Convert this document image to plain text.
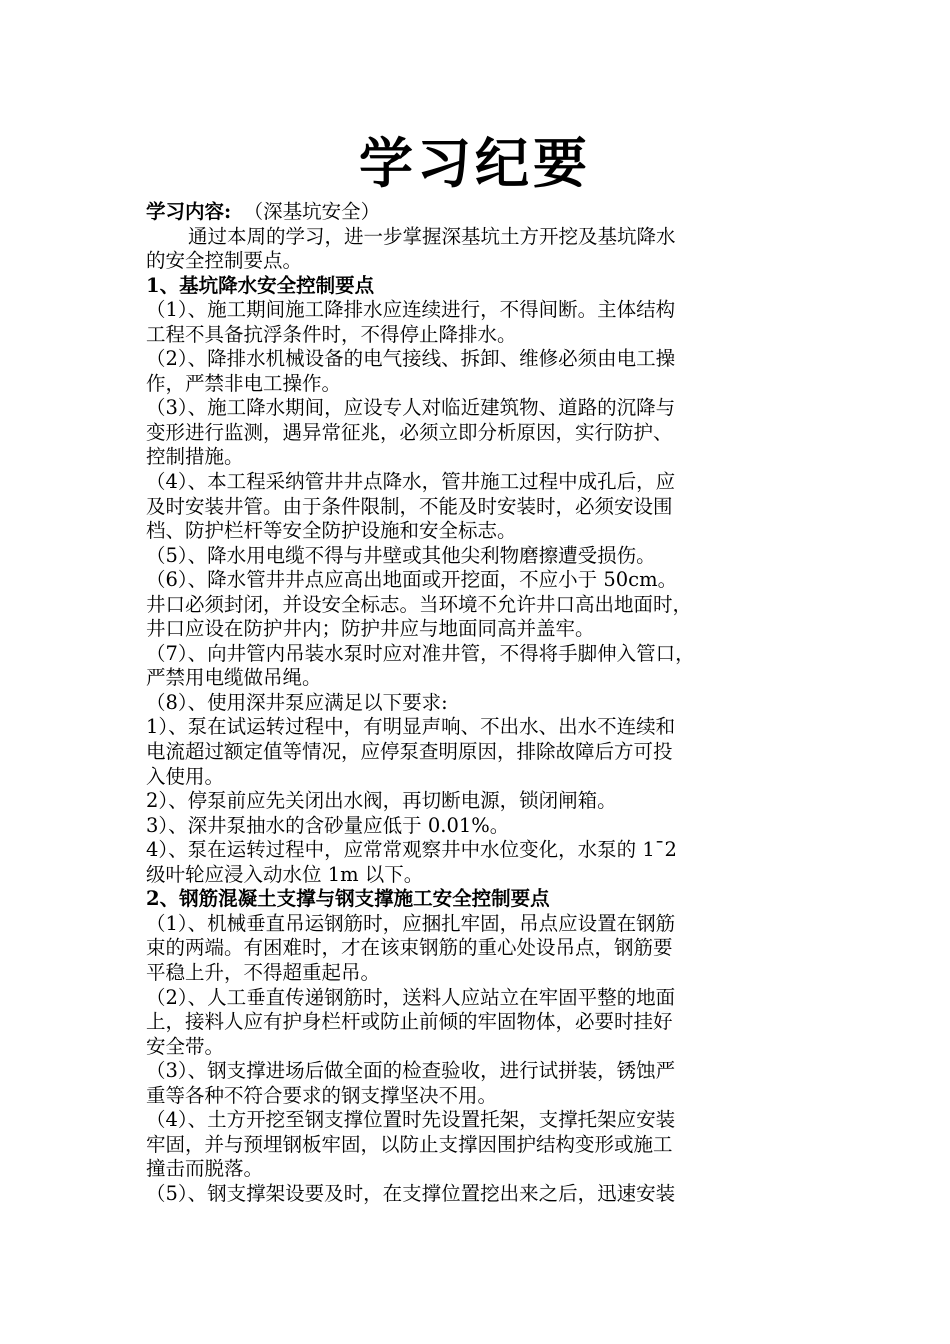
学习纪要
学习内容: （深基坑安全）
通过本周的学习，进一步掌握深基坑土方开挖及基坑降水
的安全控制要点。
1、基坑降水安全控制要点
（1）、施工期间施工降排水应连续进行，不得间断。主体结构
工程不具备抗浮条件时，不得停止降排水。
（2）、降排水机械设备的电气接线、拆卸、维修必须由电工操
作，严禁非电工操作。
（3）、施工降水期间，应设专人对临近建筑物、道路的沉降与
变形进行监测，遇异常征兆，必须立即分析原因，实行防护、
控制措施。
（4）、本工程采纳管井井点降水，管井施工过程中成孔后，应
及时安装井管。由于条件限制，不能及时安装时，必须安设围
档、防护栏杆等安全防护设施和安全标志。
（5）、降水用电缆不得与井壁或其他尖利物磨擦遭受损伤。
（6）、降水管井井点应高出地面或开挖面，不应小于 50cm。
井口必须封闭，并设安全标志。当环境不允许井口高出地面时，
井口应设在防护井内；防护井应与地面同高并盖牢。
（7）、向井管内吊装水泵时应对准井管，不得将手脚伸入管口，
严禁用电缆做吊绳。
（8）、使用深井泵应满足以下要求:
1）、泵在试运转过程中，有明显声响、不出水、出水不连续和
电流超过额定值等情况，应停泵查明原因，排除故障后方可投
入使用。
2）、停泵前应先关闭出水阀，再切断电源，锁闭闸箱。
3）、深井泵抽水的含砂量应低于 0.01%。
4）、泵在运转过程中，应常常观察井中水位变化，水泵的 1¯2
级叶轮应浸入动水位 1m 以下。
2、钢筋混凝土支撑与钢支撑施工安全控制要点
（1）、机械垂直吊运钢筋时，应捆扎牢固，吊点应设置在钢筋
束的两端。有困难时，才在该束钢筋的重心处设吊点，钢筋要
平稳上升，不得超重起吊。
（2）、人工垂直传递钢筋时，送料人应站立在牢固平整的地面
上，接料人应有护身栏杆或防止前倾的牢固物体，必要时挂好
安全带。
（3）、钢支撑进场后做全面的检查验收，进行试拼装，锈蚀严
重等各种不符合要求的钢支撑坚决不用。
（4）、土方开挖至钢支撑位置时先设置托架，支撑托架应安装
牢固，并与预埋钢板牢固，以防止支撑因围护结构变形或施工
撞击而脱落。
（5）、钢支撑架设要及时，在支撑位置挖出来之后，迅速安装
